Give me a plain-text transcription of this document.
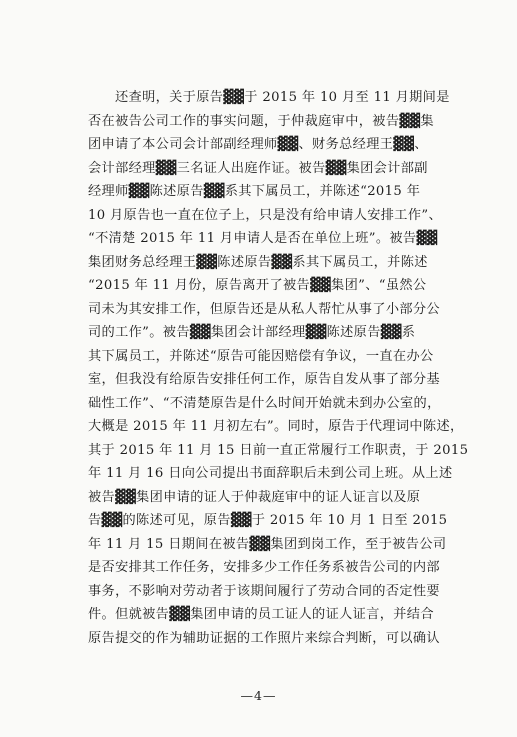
还查明，关于原告▓▓于 2015 年 10 月至 11 月期间是
否在被告公司工作的事实问题，于仲裁庭审中，被告▓▓集
团申请了本公司会计部副经理师▓▓、财务总经理王▓▓、
会计部经理▓▓三名证人出庭作证。被告▓▓集团会计部副
经理师▓▓陈述原告▓▓系其下属员工，并陈述“2015 年
10 月原告也一直在位子上，只是没有给申请人安排工作”、
“不清楚 2015 年 11 月申请人是否在单位上班”。被告▓▓
集团财务总经理王▓▓陈述原告▓▓系其下属员工，并陈述
“2015 年 11 月份，原告离开了被告▓▓集团”、“虽然公
司未为其安排工作，但原告还是从私人帮忙从事了小部分公
司的工作”。被告▓▓集团会计部经理▓▓陈述原告▓▓系
其下属员工，并陈述“原告可能因赔偿有争议，一直在办公
室，但我没有给原告安排任何工作，原告自发从事了部分基
础性工作”、“不清楚原告是什么时间开始就未到办公室的，
大概是 2015 年 11 月初左右”。同时，原告于代理词中陈述，
其于 2015 年 11 月 15 日前一直正常履行工作职责，于 2015
年 11 月 16 日向公司提出书面辞职后未到公司上班。从上述
被告▓▓集团申请的证人于仲裁庭审中的证人证言以及原
告▓▓的陈述可见，原告▓▓于 2015 年 10 月 1 日至 2015
年 11 月 15 日期间在被告▓▓集团到岗工作，至于被告公司
是否安排其工作任务，安排多少工作任务系被告公司的内部
事务，不影响对劳动者于该期间履行了劳动合同的否定性要
件。但就被告▓▓集团申请的员工证人的证人证言，并结合
原告提交的作为辅助证据的工作照片来综合判断，可以确认
—4—
